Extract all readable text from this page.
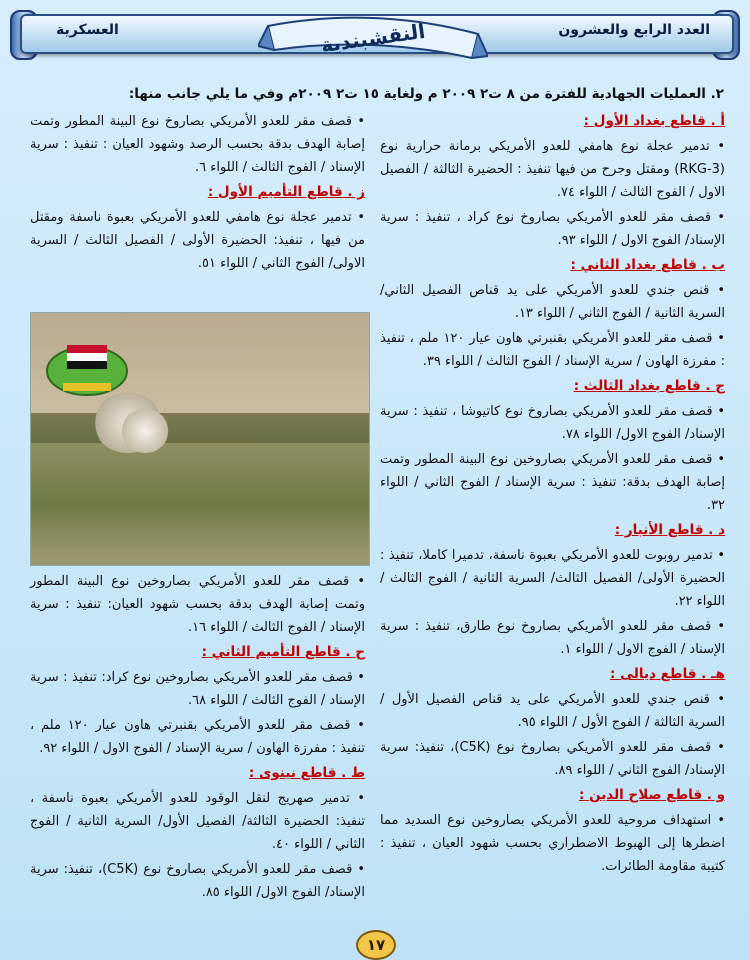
العسكرية	العدد الرابع والعشرون
النقشبندية
٢. العمليات الجهادية للفترة من ٨ ت٢ ٢٠٠٩ م ولغاية ١٥ ت٢ ٢٠٠٩م وفي ما يلي جانب منها:

أ . قاطع بغداد الأول :

• تدمير عجلة نوع هامفي للعدو الأمريكي برمانة حرارية نوع (RKG-3) ومقتل وجرح من فيها تنفيذ : الحضيرة الثالثة / الفصيل الاول / الفوج الثالث / اللواء ٧٤.

• قصف مقر للعدو الأمريكي بصاروخ نوع كراد ، تنفيذ : سرية الإسناد/ الفوج الاول / اللواء ٩٣.

ب . قاطع بغداد الثاني :

• قنص جندي للعدو الأمريكي على يد قناص الفصيل الثاني/ السرية الثانية / الفوج الثاني / اللواء ١٣.

• قصف مقر للعدو الأمريكي بقنبرتي هاون عيار ١٢٠ ملم ، تنفيذ : مفرزة الهاون / سرية الإسناد / الفوج الثالث / اللواء ٣٩.

ج . قاطع بغداد الثالث :

• قصف مقر للعدو الأمريكي بصاروخ نوع كاتيوشا ، تنفيذ : سرية الإسناد/ الفوج الاول/ اللواء ٧٨.

• قصف مقر للعدو الأمريكي بصاروخين نوع البينة المطور وتمت إصابة الهدف بدقة: تنفيذ : سرية الإسناد / الفوج الثاني / اللواء ٣٢.

د . قاطع الأنبار :

• تدمير روبوت للعدو الأمريكي بعبوة ناسفة، تدميرا كاملا، تنفيذ : الحضيرة الأولى/ الفصيل الثالث/ السرية الثانية / الفوج الثالث / اللواء ٢٢.

• قصف مقر للعدو الأمريكي بصاروخ نوع طارق، تنفيذ : سرية الإسناد / الفوج الاول / اللواء ١.

هـ . قاطع ديالى :

• قنص جندي للعدو الأمريكي على يد قناص الفصيل الأول / السرية الثالثة / الفوج الأول / اللواء ٩٥.

• قصف مقر للعدو الأمريكي بصاروخ نوع (C5K)، تنفيذ: سرية الإسناد/ الفوج الثاني / اللواء ٨٩.

و . قاطع صلاح الدين :

• استهداف مروحية للعدو الأمريكي بصاروخين نوع السديد مما اضطرها إلى الهبوط الاضطراري بحسب شهود العيان ، تنفيذ : كتيبة مقاومة الطائرات.

• قصف مقر للعدو الأمريكي بصاروخ نوع البينة المطور وتمت إصابة الهدف بدقة بحسب الرصد وشهود العيان : تنفيذ : سرية الإسناد / الفوج الثالث / اللواء ٦.

ز . قاطع التأميم الأول :

• تدمير عجلة نوع هامفي للعدو الأمريكي بعبوة ناسفة ومقتل من فيها ، تنفيذ: الحضيرة الأولى / الفصيل الثالث / السرية الاولى/ الفوج الثاني / اللواء ٥١.

• قصف مقر للعدو الأمريكي بصاروخين نوع البينة المطور وتمت إصابة الهدف بدقة بحسب شهود العيان: تنفيذ : سرية الإسناد / الفوج الثالث / اللواء ١٦.

ح . قاطع التأميم الثاني :

• قصف مقر للعدو الأمريكي بصاروخين نوع كراد: تنفيذ : سرية الإسناد / الفوج الثالث / اللواء ٦٨.

• قصف مقر للعدو الأمريكي بقنبرتي هاون عيار ١٢٠ ملم ، تنفيذ : مفرزة الهاون / سرية الإسناد / الفوج الاول / اللواء ٩٢.

ط . قاطع نينوى :

• تدمير صهريج لنقل الوقود للعدو الأمريكي بعبوة ناسفة ، تنفيذ: الحضيرة الثالثة/ الفصيل الأول/ السرية الثانية / الفوج الثاني / اللواء ٤٠.

• قصف مقر للعدو الأمريكي بصاروخ نوع (C5K)، تنفيذ: سرية الإسناد/ الفوج الاول/ اللواء ٨٥.

١٧
